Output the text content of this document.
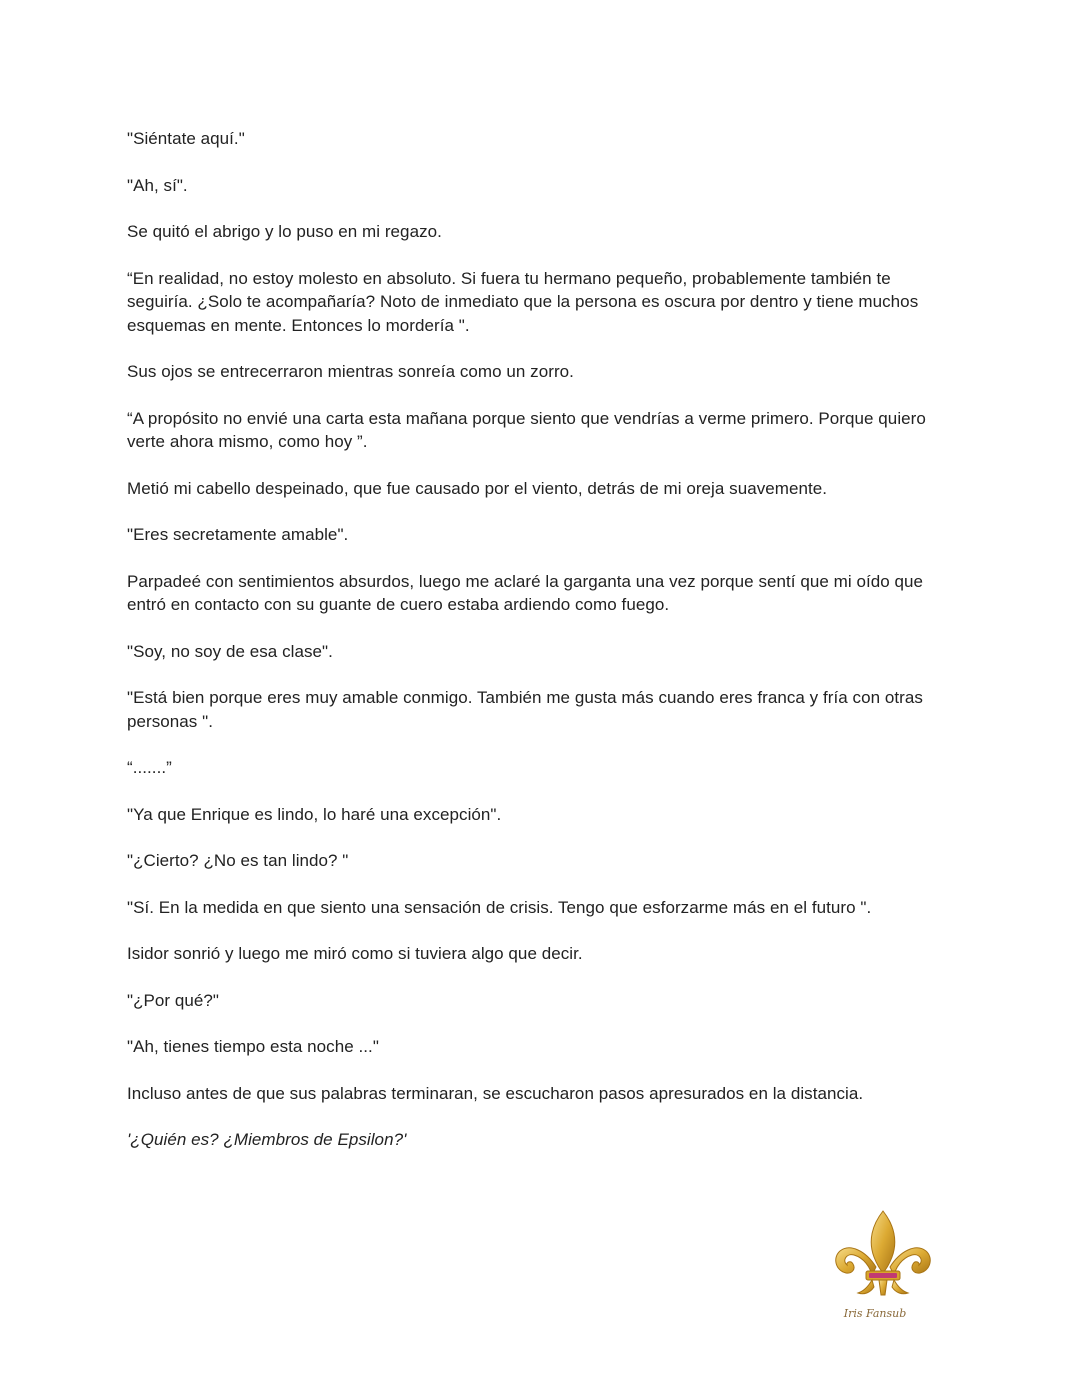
"Siéntate aquí."

"Ah, sí".

Se quitó el abrigo y lo puso en mi regazo.

“En realidad, no estoy molesto en absoluto. Si fuera tu hermano pequeño, probablemente también te seguiría. ¿Solo te acompañaría? Noto de inmediato que la persona es oscura por dentro y tiene muchos esquemas en mente. Entonces lo mordería ".

Sus ojos se entrecerraron mientras sonreía como un zorro.

“A propósito no envié una carta esta mañana porque siento que vendrías a verme primero. Porque quiero verte ahora mismo, como hoy ”.

Metió mi cabello despeinado, que fue causado por el viento, detrás de mi oreja suavemente.

"Eres secretamente amable".

Parpadeé con sentimientos absurdos, luego me aclaré la garganta una vez porque sentí que mi oído que entró en contacto con su guante de cuero estaba ardiendo como fuego.

"Soy, no soy de esa clase".

"Está bien porque eres muy amable conmigo. También me gusta más cuando eres franca y fría con otras personas ".

“.......”

"Ya que Enrique es lindo, lo haré una excepción".

"¿Cierto? ¿No es tan lindo? "

"Sí. En la medida en que siento una sensación de crisis. Tengo que esforzarme más en el futuro ".

Isidor sonrió y luego me miró como si tuviera algo que decir.

"¿Por qué?"

"Ah, tienes tiempo esta noche ..."

Incluso antes de que sus palabras terminaran, se escucharon pasos apresurados en la distancia.

'¿Quién es? ¿Miembros de Epsilon?'

Iris Fansub
